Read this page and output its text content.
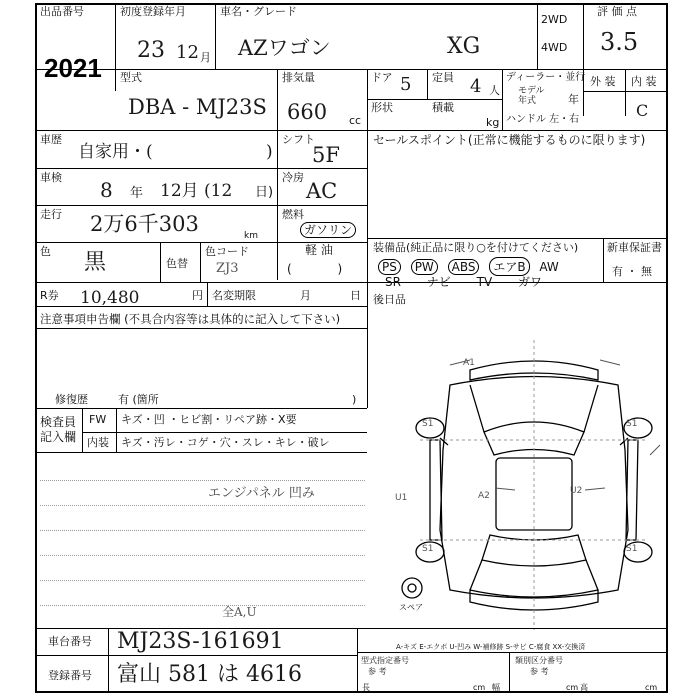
出品番号
2021
初度登録年月
23 12 月
車名・グレード
AZワゴン	XG
2WD
4WD
評 価 点
3.5
外 装 内 装
C
型式
DBA - MJ23S
排気量
660 cc
ドア 5 定員 4 人
形状	積載
kg
ディーラー・並行
モデル
年式	年
ハンドル 左・右
車歴
自家用・(	)
シフト
5F
車検
8 年 12月 (12 日)
冷房
AC
走行 2万6千303	km
燃料
ガソリン
軽 油
(            )
色 黒	色替
色コード
ZJ3
R券 10,480	円 名変期限	月	日
セールスポイント(正常に機能するものに限ります)
装備品(純正品に限り○を付けてください)
PS PW ABS エアB AW
SR ナビ TV ガワ
新車保証書
有 ・ 無
後日品
注意事項申告欄 (不具合内容等は具体的に記入して下さい)
修復歴	有 (箇所	)
検査員
記入欄
FW キズ・凹 ・ヒビ割・リペア跡・X要
内装 キズ・汚レ・コゲ・穴・スレ・キレ・破レ
エンジパネル 凹み
全A,U
A1
U1	A2	U2
S1	S1
S1	S1
スペア
A-キズ E-エクボ U-凹み W-補修跡 S-サビ C-腐食 XX-交換済
車台番号 MJ23S-161691
登録番号 富山 581 は 4616
型式指定番号
参 考
類別区分番号
参 考
長	cm 幅	cm 高	cm
